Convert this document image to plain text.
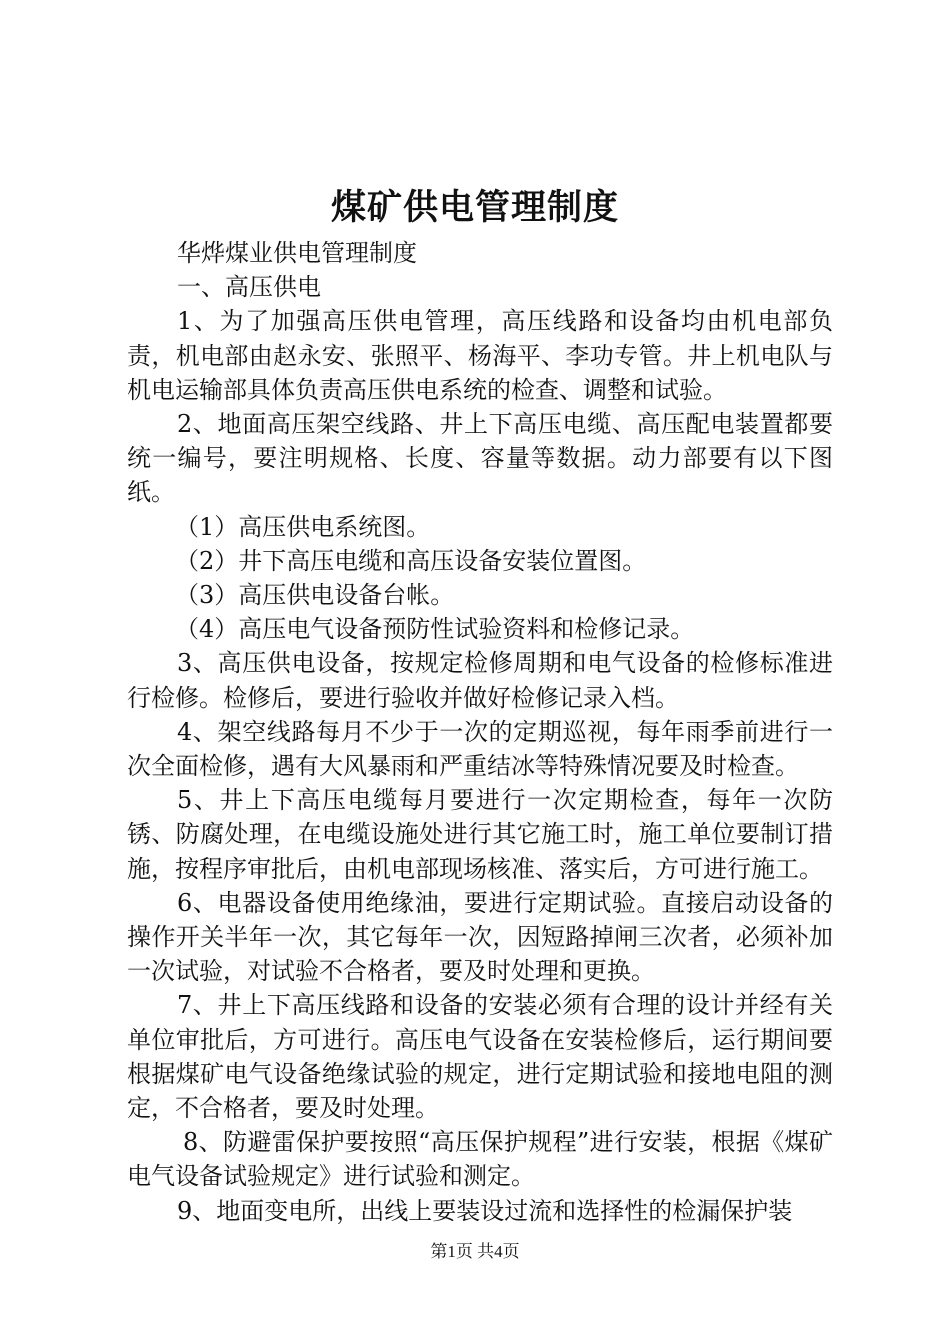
煤矿供电管理制度

华烨煤业供电管理制度

一、高压供电

1、为了加强高压供电管理，高压线路和设备均由机电部负责，机电部由赵永安、张照平、杨海平、李功专管。井上机电队与机电运输部具体负责高压供电系统的检查、调整和试验。

2、地面高压架空线路、井上下高压电缆、高压配电装置都要统一编号，要注明规格、长度、容量等数据。动力部要有以下图纸。

（1）高压供电系统图。

（2）井下高压电缆和高压设备安装位置图。

（3）高压供电设备台帐。

（4）高压电气设备预防性试验资料和检修记录。

3、高压供电设备，按规定检修周期和电气设备的检修标准进行检修。检修后，要进行验收并做好检修记录入档。

4、架空线路每月不少于一次的定期巡视，每年雨季前进行一次全面检修，遇有大风暴雨和严重结冰等特殊情况要及时检查。

5、井上下高压电缆每月要进行一次定期检查，每年一次防锈、防腐处理，在电缆设施处进行其它施工时，施工单位要制订措施，按程序审批后，由机电部现场核准、落实后，方可进行施工。

6、电器设备使用绝缘油，要进行定期试验。直接启动设备的操作开关半年一次，其它每年一次，因短路掉闸三次者，必须补加一次试验，对试验不合格者，要及时处理和更换。

7、井上下高压线路和设备的安装必须有合理的设计并经有关单位审批后，方可进行。高压电气设备在安装检修后，运行期间要根据煤矿电气设备绝缘试验的规定，进行定期试验和接地电阻的测定，不合格者，要及时处理。

8、防避雷保护要按照“高压保护规程”进行安装，根据《煤矿电气设备试验规定》进行试验和测定。

9、地面变电所，出线上要装设过流和选择性的检漏保护装

第1页 共4页
